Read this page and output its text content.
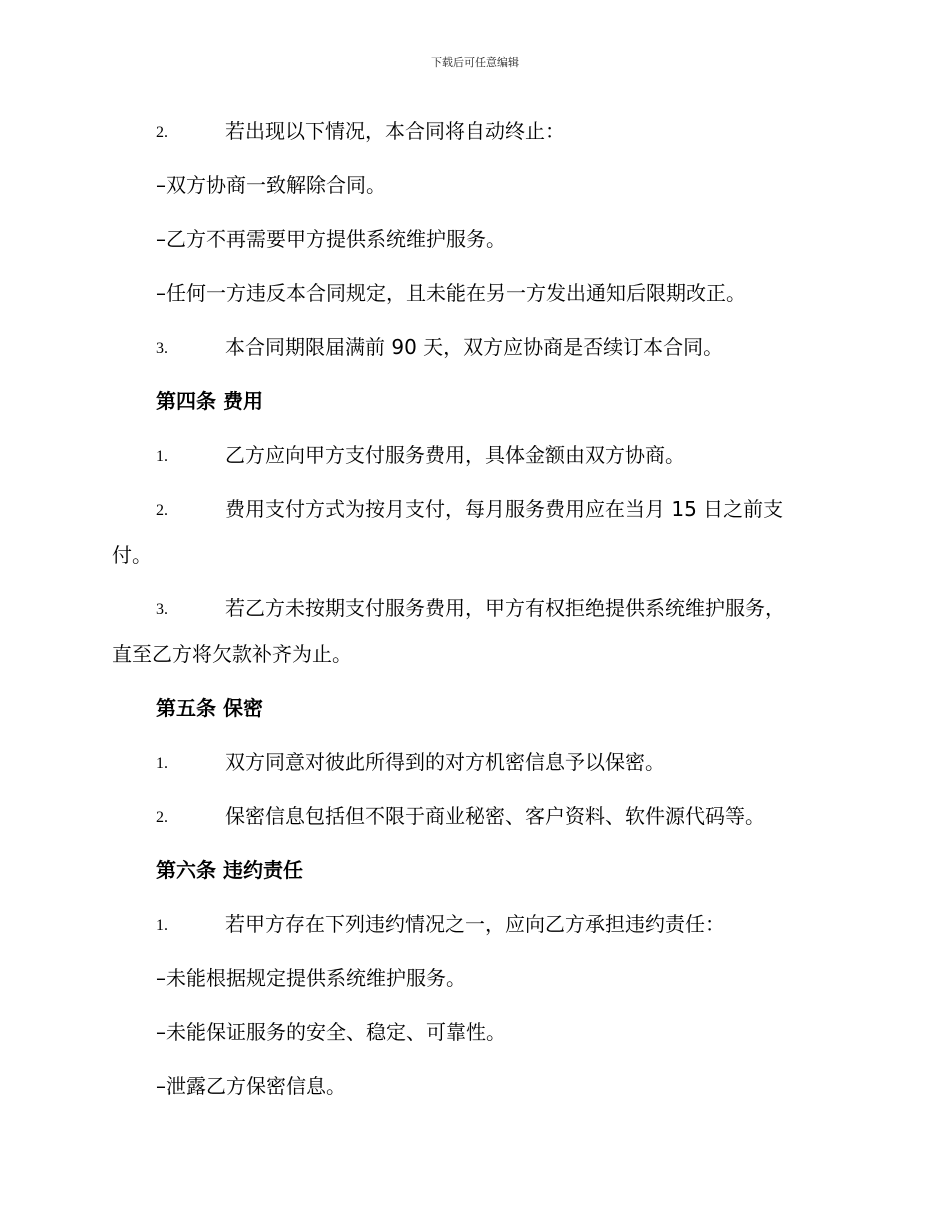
下载后可任意编辑
2.	若出现以下情况，本合同将自动终止：
–双方协商一致解除合同。
–乙方不再需要甲方提供系统维护服务。
–任何一方违反本合同规定，且未能在另一方发出通知后限期改正。
3.	本合同期限届满前 90 天，双方应协商是否续订本合同。
第四条 费用
1.	乙方应向甲方支付服务费用，具体金额由双方协商。
2.	费用支付方式为按月支付，每月服务费用应在当月 15 日之前支
付。
3.	若乙方未按期支付服务费用，甲方有权拒绝提供系统维护服务，
直至乙方将欠款补齐为止。
第五条 保密
1.	双方同意对彼此所得到的对方机密信息予以保密。
2.	保密信息包括但不限于商业秘密、客户资料、软件源代码等。
第六条 违约责任
1.	若甲方存在下列违约情况之一，应向乙方承担违约责任：
–未能根据规定提供系统维护服务。
–未能保证服务的安全、稳定、可靠性。
–泄露乙方保密信息。
